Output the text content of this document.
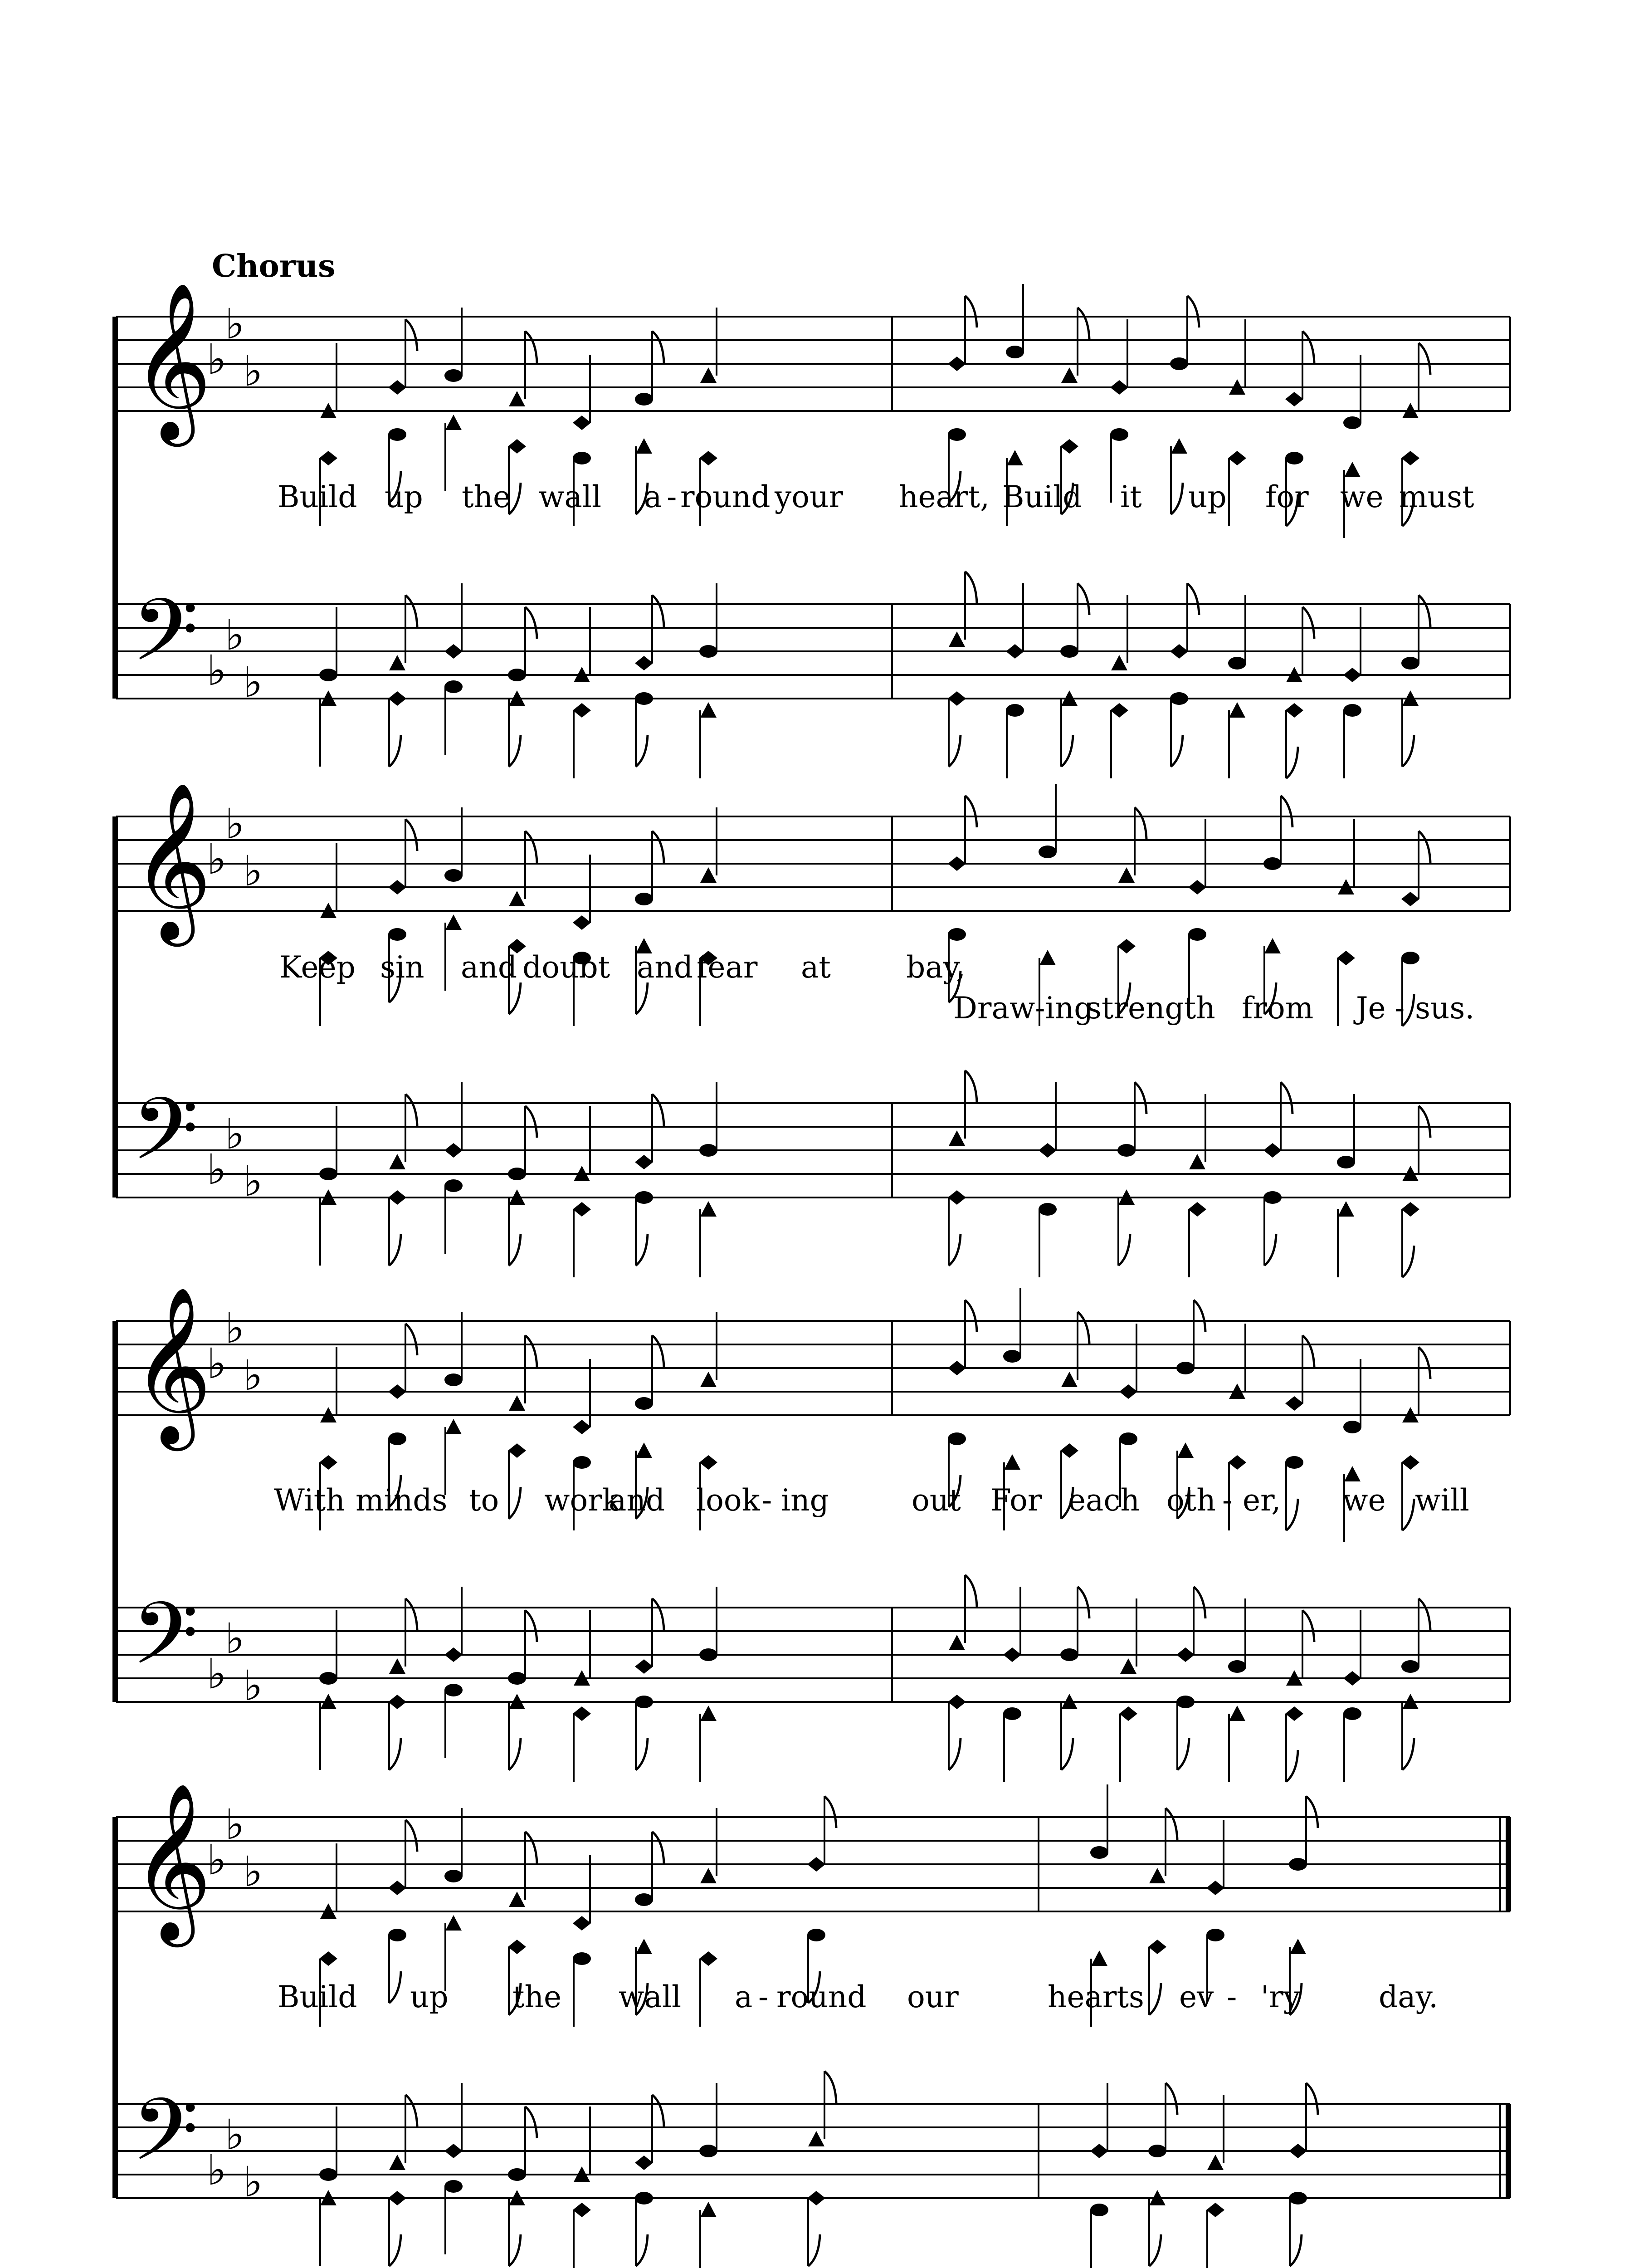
Chorus
𝄞
𝄢
♭
♭
♭
♭
♭
♭
Build up the wall a - round your heart, Build it up for we must
𝄞
𝄢
♭
♭
♭
♭
♭
♭
Keep sin and doubt and fear at	bay,
Draw-ing
strength from Je - sus.
𝄞
𝄢
♭
♭
♭
♭
♭
♭
With minds to work
and look - ing	out For each oth - er, we will
𝄞
𝄢
♭
♭
♭
♭
♭
♭
Build up the wall a - round our	hearts ev - 'ry	day.
